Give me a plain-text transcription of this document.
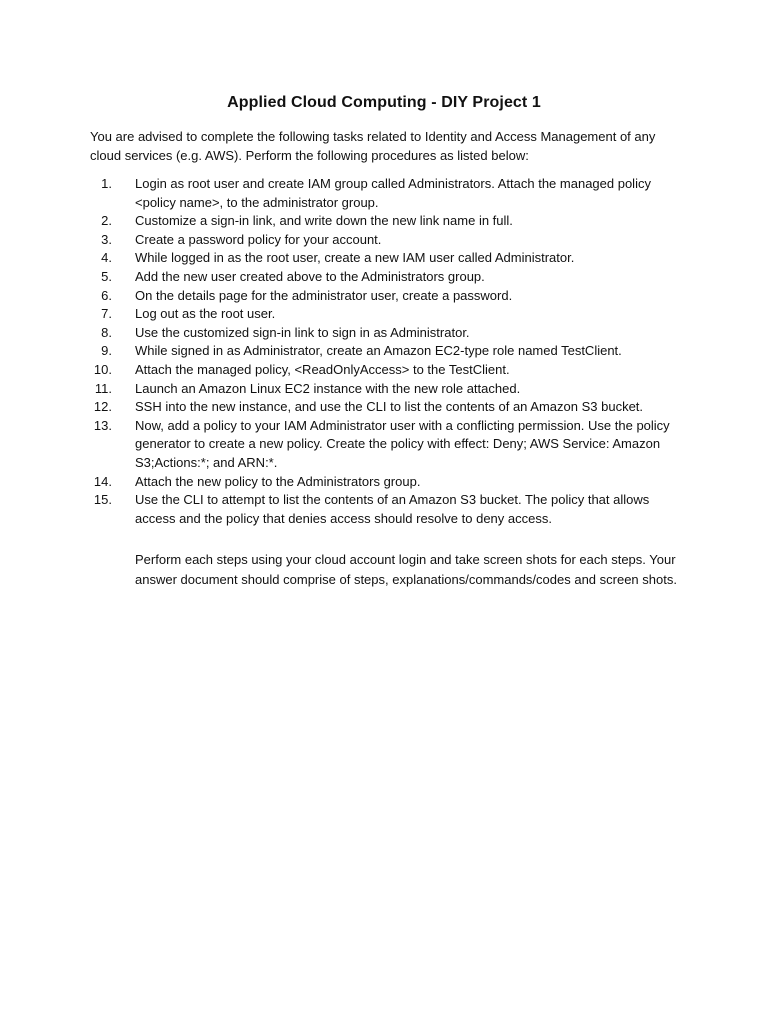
Applied Cloud Computing - DIY Project 1
You are advised to complete the following tasks related to Identity and Access Management of any cloud services (e.g. AWS). Perform the following procedures as listed below:
1. Login as root user and create IAM group called Administrators. Attach the managed policy <policy name>, to the administrator group.
2. Customize a sign-in link, and write down the new link name in full.
3. Create a password policy for your account.
4. While logged in as the root user, create a new IAM user called Administrator.
5. Add the new user created above to the Administrators group.
6. On the details page for the administrator user, create a password.
7. Log out as the root user.
8. Use the customized sign-in link to sign in as Administrator.
9. While signed in as Administrator, create an Amazon EC2-type role named TestClient.
10. Attach the managed policy, <ReadOnlyAccess> to the TestClient.
11. Launch an Amazon Linux EC2 instance with the new role attached.
12. SSH into the new instance, and use the CLI to list the contents of an Amazon S3 bucket.
13. Now, add a policy to your IAM Administrator user with a conflicting permission. Use the policy generator to create a new policy. Create the policy with effect: Deny; AWS Service: Amazon S3;Actions:*; and ARN:*.
14. Attach the new policy to the Administrators group.
15. Use the CLI to attempt to list the contents of an Amazon S3 bucket. The policy that allows access and the policy that denies access should resolve to deny access.
Perform each steps using your cloud account login and take screen shots for each steps. Your answer document should comprise of steps, explanations/commands/codes and screen shots.
